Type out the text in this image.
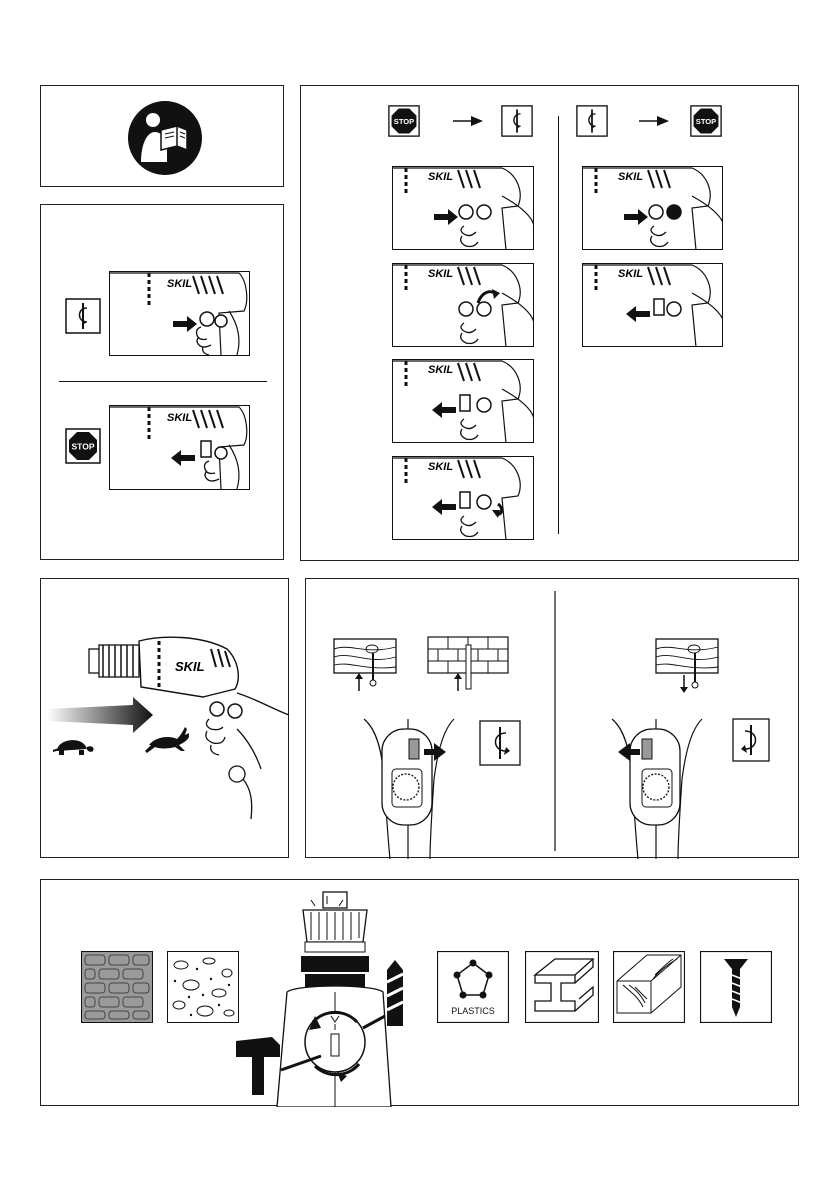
SKIL
STOP
SKIL
STOP	STOP
SKIL
SKIL
SKIL
SKIL
SKIL
SKIL
SKIL
PLASTICS
